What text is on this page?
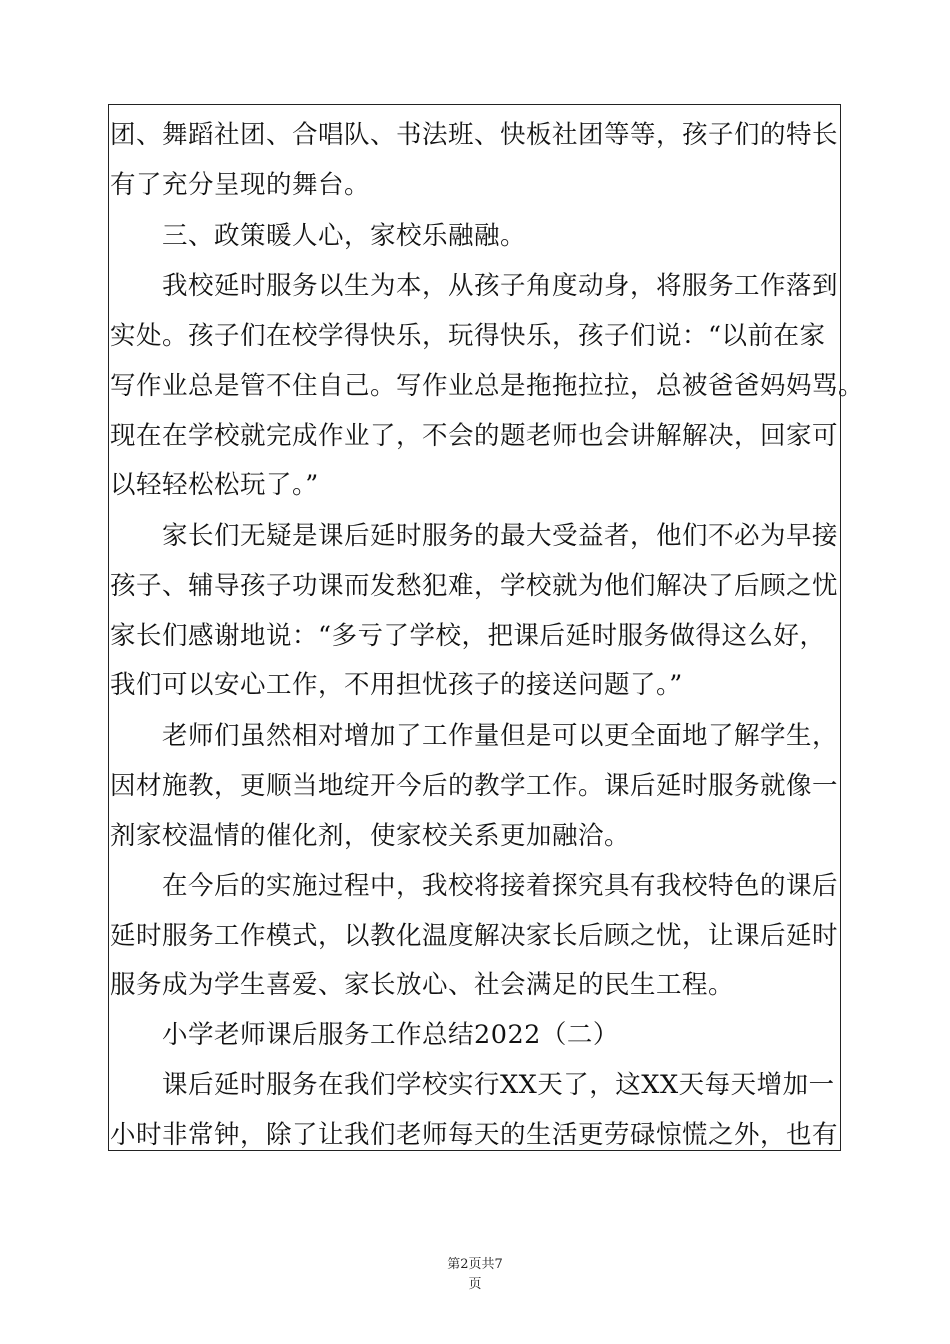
团、舞蹈社团、合唱队、书法班、快板社团等等，孩子们的特长
有了充分呈现的舞台。
三、政策暖人心，家校乐融融。
我校延时服务以生为本，从孩子角度动身，将服务工作落到
实处。孩子们在校学得快乐，玩得快乐，孩子们说：“以前在家
写作业总是管不住自己。写作业总是拖拖拉拉，总被爸爸妈妈骂。
现在在学校就完成作业了，不会的题老师也会讲解解决，回家可
以轻轻松松玩了。”
家长们无疑是课后延时服务的最大受益者，他们不必为早接
孩子、辅导孩子功课而发愁犯难，学校就为他们解决了后顾之忧
家长们感谢地说：“多亏了学校，把课后延时服务做得这么好，
我们可以安心工作，不用担忧孩子的接送问题了。”
老师们虽然相对增加了工作量但是可以更全面地了解学生，
因材施教，更顺当地绽开今后的教学工作。课后延时服务就像一
剂家校温情的催化剂，使家校关系更加融洽。
在今后的实施过程中，我校将接着探究具有我校特色的课后
延时服务工作模式，以教化温度解决家长后顾之忧，让课后延时
服务成为学生喜爱、家长放心、社会满足的民生工程。
小学老师课后服务工作总结2022（二）
课后延时服务在我们学校实行XX天了，这XX天每天增加一
小时非常钟，除了让我们老师每天的生活更劳碌惊慌之外，也有
第2页共7
页
